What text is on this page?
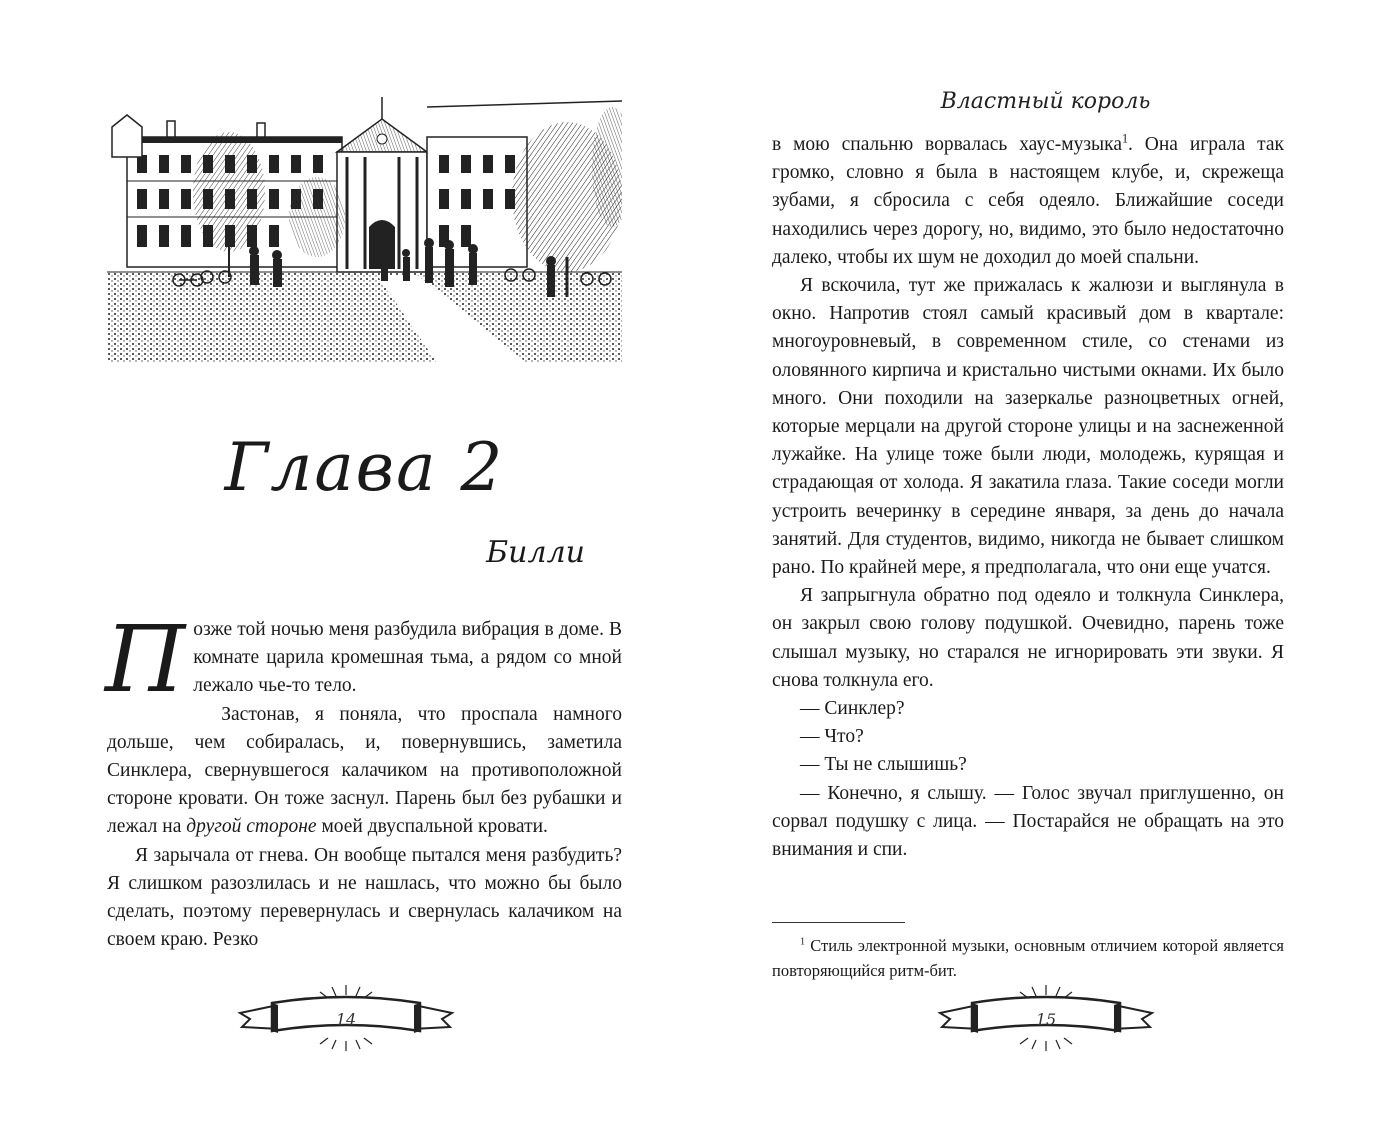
Глава 2
Билли

Позже той ночью меня разбудила вибрация в доме. В комнате царила кромешная тьма, а рядом со мной лежало чье-то тело.

Застонав, я поняла, что проспала намного дольше, чем собиралась, и, повернувшись, заметила Синклера, свернувшегося калачиком на противоположной стороне кровати. Он тоже заснул. Парень был без рубашки и лежал на другой стороне моей двуспальной кровати.

Я зарычала от гнева. Он вообще пытался меня разбудить? Я слишком разозлилась и не нашлась, что можно бы было сделать, поэтому перевернулась и свернулась калачиком на своем краю. Резко

14
Властный король

в мою спальню ворвалась хаус-музыка$^1$. Она играла так громко, словно я была в настоящем клубе, и, скрежеща зубами, я сбросила с себя одеяло. Ближайшие соседи находились через дорогу, но, видимо, это было недостаточно далеко, чтобы их шум не доходил до моей спальни.

Я вскочила, тут же прижалась к жалюзи и выглянула в окно. Напротив стоял самый красивый дом в квартале: многоуровневый, в современном стиле, со стенами из оловянного кирпича и кристально чистыми окнами. Их было много. Они походили на зазеркалье разноцветных огней, которые мерцали на другой стороне улицы и на заснеженной лужайке. На улице тоже были люди, молодежь, курящая и страдающая от холода. Я закатила глаза. Такие соседи могли устроить вечеринку в середине января, за день до начала занятий. Для студентов, видимо, никогда не бывает слишком рано. По крайней мере, я предполагала, что они еще учатся.

Я запрыгнула обратно под одеяло и толкнула Синклера, он закрыл свою голову подушкой. Очевидно, парень тоже слышал музыку, но старался не игнорировать эти звуки. Я снова толкнула его.

— Синклер?

— Что?

— Ты не слышишь?

— Конечно, я слышу. — Голос звучал приглушенно, он сорвал подушку с лица. — Постарайся не обращать на это внимания и спи.

$^1$ Стиль электронной музыки, основным отличием которой является повторяющийся ритм-бит.

15
